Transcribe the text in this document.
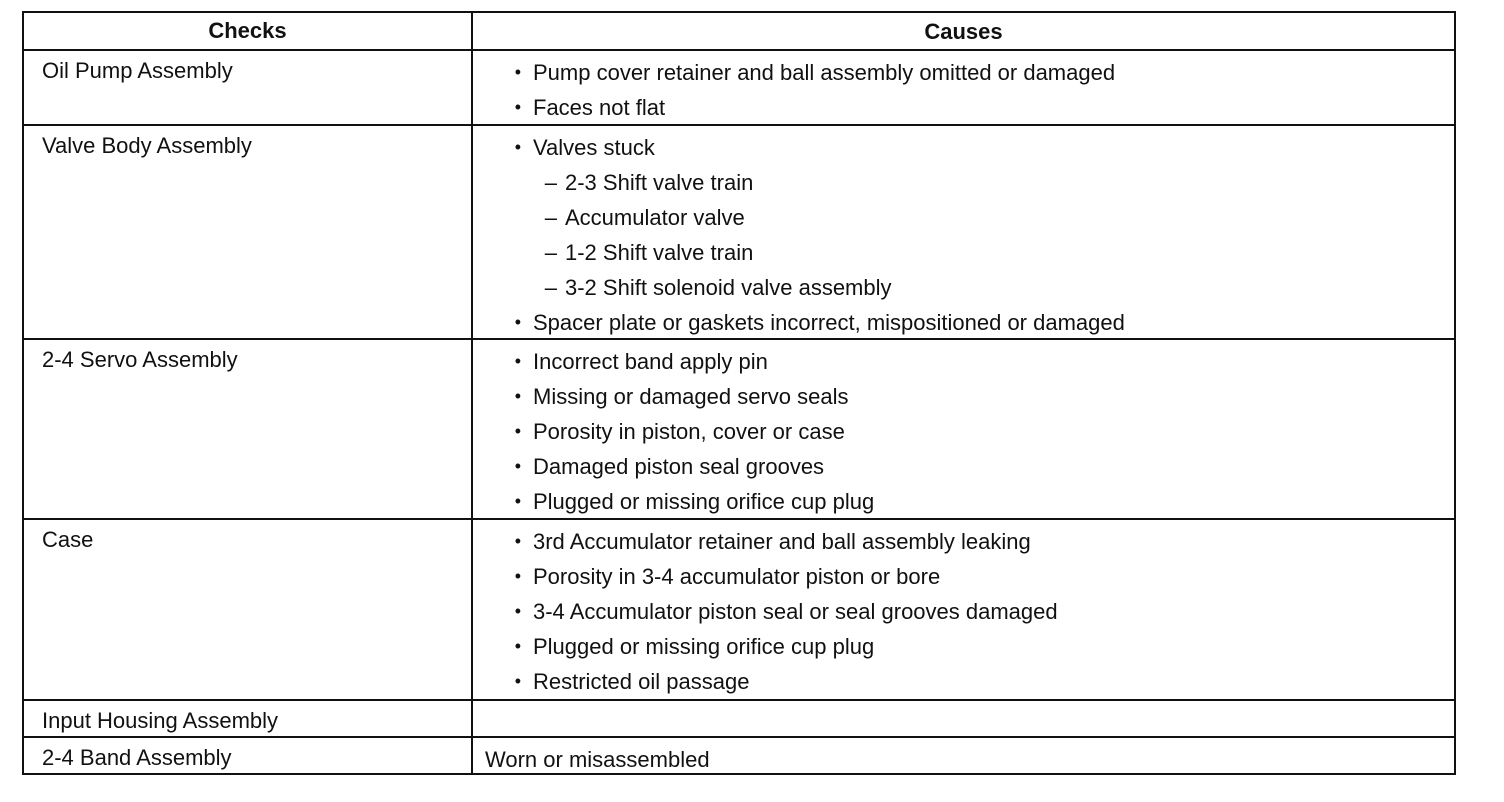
Checks	Causes
Oil Pump Assembly	• Pump cover retainer and ball assembly omitted or damaged
• Faces not flat
Valve Body Assembly	• Valves stuck
– 2-3 Shift valve train
– Accumulator valve
– 1-2 Shift valve train
– 3-2 Shift solenoid valve assembly
• Spacer plate or gaskets incorrect, mispositioned or damaged
2-4 Servo Assembly	• Incorrect band apply pin
• Missing or damaged servo seals
• Porosity in piston, cover or case
• Damaged piston seal grooves
• Plugged or missing orifice cup plug
Case	• 3rd Accumulator retainer and ball assembly leaking
• Porosity in 3-4 accumulator piston or bore
• 3-4 Accumulator piston seal or seal grooves damaged
• Plugged or missing orifice cup plug
• Restricted oil passage
Input Housing Assembly
2-4 Band Assembly	Worn or misassembled
